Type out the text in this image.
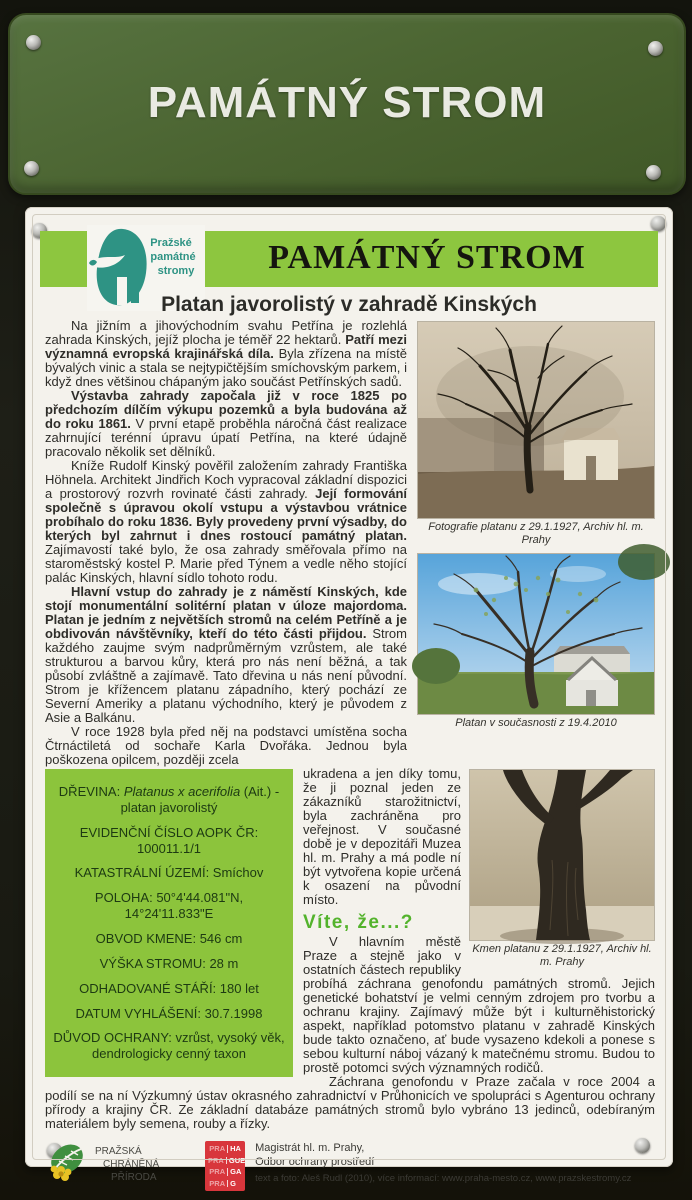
PAMÁTNÝ STROM
PAMÁTNÝ STROM
Pražské
památné
stromy
Platan javorolistý v zahradě Kinských
Fotografie platanu z 29.1.1927, Archiv hl. m. Prahy
Platan v současnosti z 19.4.2010

Na jižním a jihovýchodním svahu Petřína je rozlehlá zahrada Kinských, jejíž plocha je téměř 22 hektarů. Patří mezi významná evropská krajinářská díla. Byla zřízena na místě bývalých vinic a stala se nejtypičtějším smíchovským parkem, i když dnes většinou chápaným jako součást Petřínských sadů.

Výstavba zahrady započala již v roce 1825 po předchozím dílčím výkupu pozemků a byla budována až do roku 1861. V první etapě proběhla náročná část realizace zahrnující terénní úpravu úpatí Petřína, na které údajně pracovalo několik set dělníků.

Kníže Rudolf Kinský pověřil založením zahrady Františka Höhnela. Architekt Jindřich Koch vypracoval základní dispozici a prostorový rozvrh rovinaté části zahrady. Její formování společně s úpravou okolí vstupu a výstavbou vrátnice probíhalo do roku 1836. Byly provedeny první výsadby, do kterých byl zahrnut i dnes rostoucí památný platan. Zajímavostí také bylo, že osa zahrady směřovala přímo na staroměstský kostel P. Marie před Týnem a vedle něho stojící palác Kinských, hlavní sídlo tohoto rodu.

Hlavní vstup do zahrady je z náměstí Kinských, kde stojí monumentální solitérní platan v úloze majordoma. Platan je jedním z největších stromů na celém Petříně a je obdivován návštěvníky, kteří do této části přijdou. Strom každého zaujme svým nadprůměrným vzrůstem, ale také strukturou a barvou kůry, která pro nás není běžná, a tak působí zvláštně a zajímavě. Tato dřevina u nás není původní. Strom je křížencem platanu západního, který pochází ze Severní Ameriky a platanu východního, který je původem z Asie a Balkánu.

V roce 1928 byla před něj na podstavci umístěna socha Čtrnáctiletá od sochaře Karla Dvořáka. Jednou byla poškozena opilcem, později zcela

DŘEVINA: Platanus x acerifolia (Ait.) - platan javorolistý
EVIDENČNÍ ČÍSLO AOPK ČR: 100011.1/1
KATASTRÁLNÍ ÚZEMÍ: Smíchov
POLOHA: 50°4'44.081"N, 14°24'11.833"E
OBVOD KMENE: 546 cm
VÝŠKA STROMU: 28 m
ODHADOVANÉ STÁŘÍ: 180 let
DATUM VYHLÁŠENÍ: 30.7.1998
DŮVOD OCHRANY: vzrůst, vysoký věk, dendrologicky cenný taxon
Kmen platanu z 29.1.1927, Archiv hl. m. Prahy

ukradena a jen díky tomu, že ji poznal jeden ze zákazníků starožitnictví, byla zachráněna pro veřejnost. V současné době je v depozitáři Muzea hl. m. Prahy a má podle ní být vytvořena kopie určená k osazení na původní místo.

Víte, že...?

V hlavním městě Praze a stejně jako v ostatních částech republiky probíhá záchrana genofondu památných stromů. Jejich genetické bohatství je velmi cenným zdrojem pro tvorbu a ochranu krajiny. Zajímavý může být i kulturněhistorický aspekt, například potomstvo platanu v zahradě Kinských bude takto označeno, ať bude vysazeno kdekoli a ponese s sebou kulturní náboj vázaný k matečnému stromu. Budou to prostě potomci svých významných rodičů.

Záchrana genofondu v Praze začala v roce 2004 a podílí se na ní Výzkumný ústav okrasného zahradnictví v Průhonicích ve spolupráci s Agenturou ochrany přírody a krajiny ČR. Ze základní databáze památných stromů bylo vybráno 13 jedinců, odebíraným materiálem byly semena, rouby a řízky.

PRAŽSKÁ
CHRÁNĚNÁ
PŘÍRODA
PRA HA
PRA GUE
PRA GA
PRA G
Magistrát hl. m. Prahy,
Odbor ochrany prostředí
text a foto: Aleš Rudl (2010), více informací: www.praha-mesto.cz, www.prazskestromy.cz
